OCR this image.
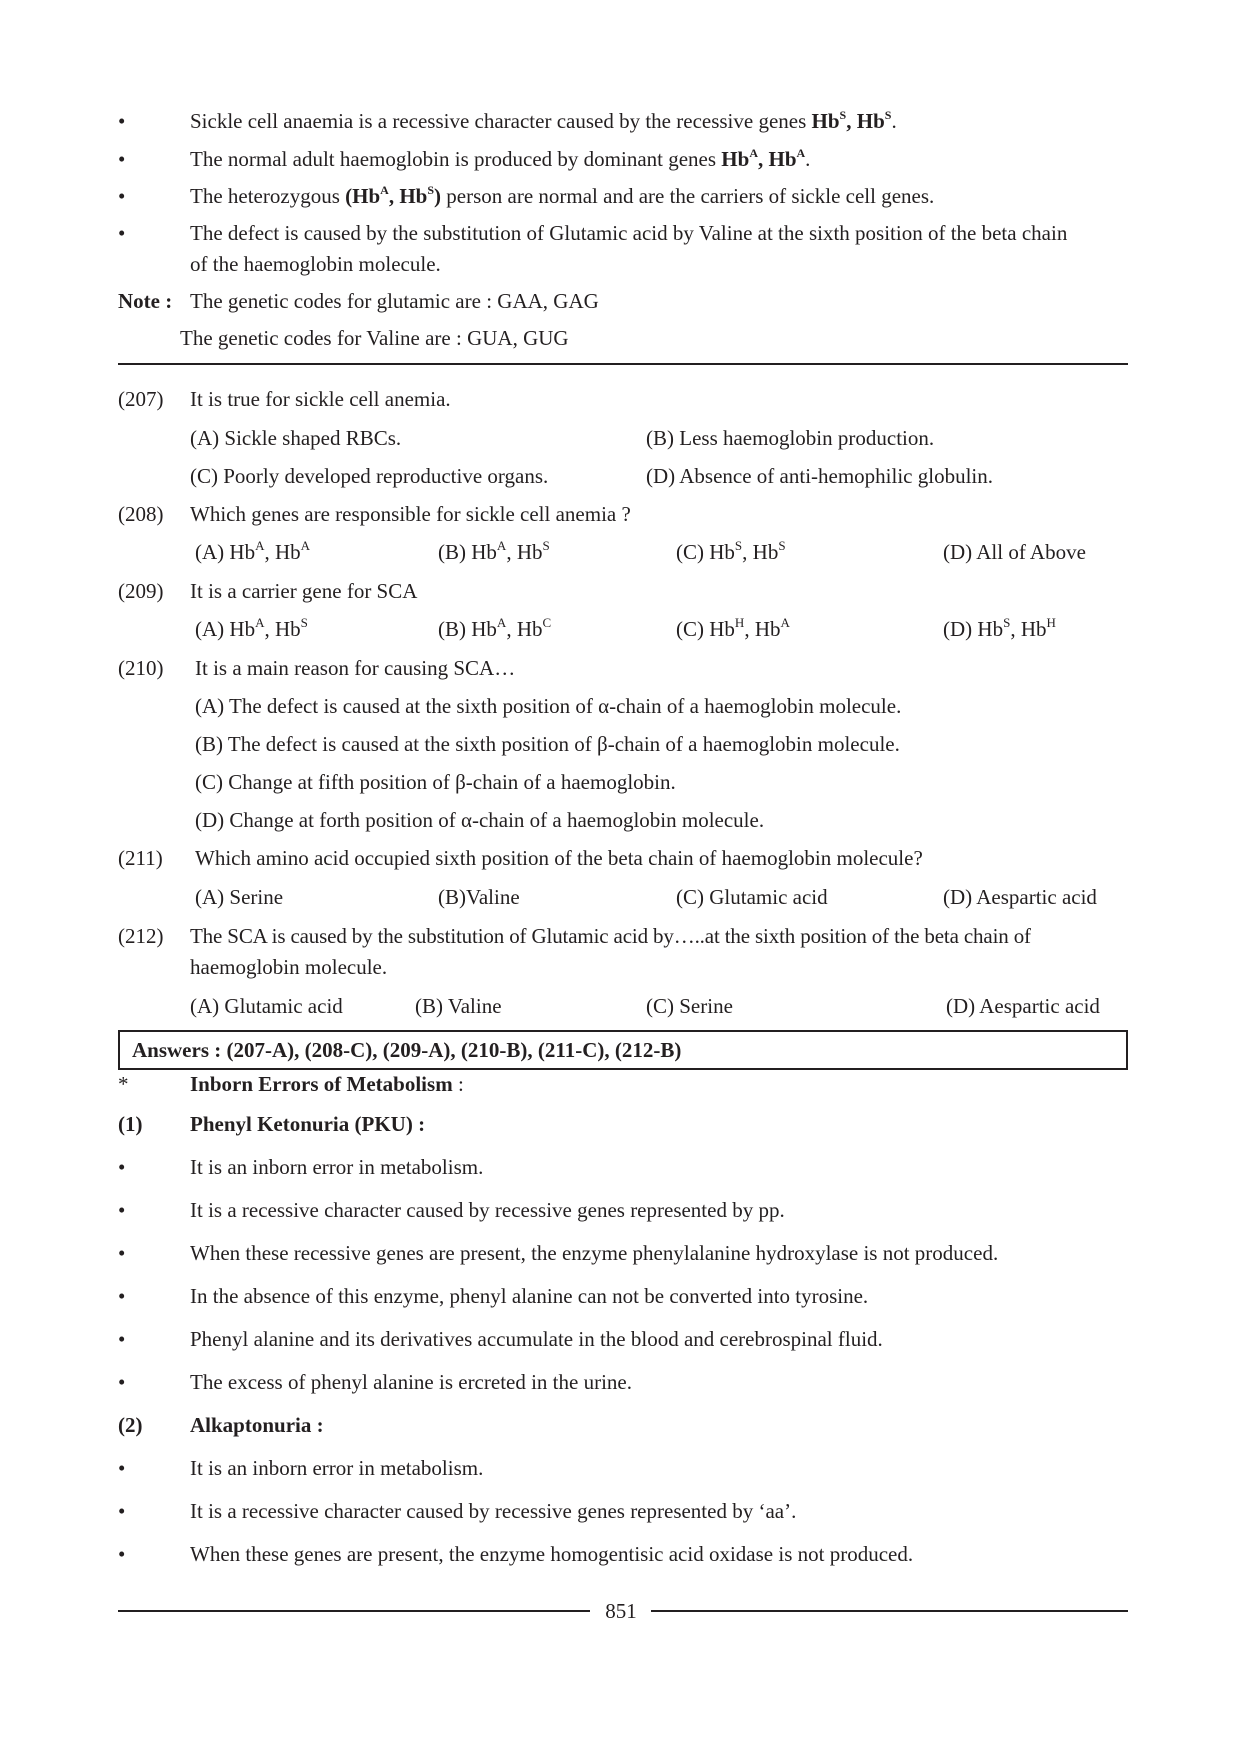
•	Sickle cell anaemia is a recessive character caused by the recessive genes $Hb^S$, $Hb^S$.
•	The normal adult haemoglobin is produced by dominant genes $Hb^A$, $Hb^A$.
•	The heterozygous ($Hb^A$, $Hb^S$) person are normal and are the carriers of sickle cell genes.
•	The defect is caused by the substitution of Glutamic acid by Valine at the sixth position of the beta chain
of the haemoglobin molecule.
Note : The genetic codes for glutamic are : GAA, GAG
The genetic codes for Valine are : GUA, GUG
(207) It is true for sickle cell anemia.
(A) Sickle shaped RBCs.	(B) Less haemoglobin production.
(C) Poorly developed reproductive organs.	(D) Absence of anti-hemophilic globulin.
(208) Which genes are responsible for sickle cell anemia ?
(A) $Hb^A$, $Hb^A$	(B) $Hb^A$, $Hb^S$	(C) $Hb^S$, $Hb^S$	(D) All of Above
(209) It is a carrier gene for SCA
(A) $Hb^A$, $Hb^S$	(B) $Hb^A$, $Hb^C$	(C) $Hb^H$, $Hb^A$	(D) $Hb^S$, $Hb^H$
(210) It is a main reason for causing SCA…
(A) The defect is caused at the sixth position of α-chain of a haemoglobin molecule.
(B) The defect is caused at the sixth position of β-chain of a haemoglobin molecule.
(C) Change at fifth position of β-chain of a haemoglobin.
(D) Change at forth position of α-chain of a haemoglobin molecule.
(211) Which amino acid occupied sixth position of the beta chain of haemoglobin molecule?
(A) Serine	(B)Valine	(C) Glutamic acid	(D) Aespartic acid
(212) The SCA is caused by the substitution of Glutamic acid by…..at the sixth position of the beta chain of
haemoglobin molecule.
(A) Glutamic acid	(B) Valine	(C) Serine	(D) Aespartic acid
Answers : (207-A), (208-C), (209-A), (210-B), (211-C), (212-B)
*	Inborn Errors of Metabolism :
(1) Phenyl Ketonuria (PKU) :
•	It is an inborn error in metabolism.
•	It is a recessive character caused by recessive genes represented by pp.
•	When these recessive genes are present, the enzyme phenylalanine hydroxylase is not produced.
•	In the absence of this enzyme, phenyl alanine can not be converted into tyrosine.
•	Phenyl alanine and its derivatives accumulate in the blood and cerebrospinal fluid.
•	The excess of phenyl alanine is ercreted in the urine.
(2) Alkaptonuria :
•	It is an inborn error in metabolism.
•	It is a recessive character caused by recessive genes represented by ‘aa’.
•	When these genes are present, the enzyme homogentisic acid oxidase is not produced.
851
